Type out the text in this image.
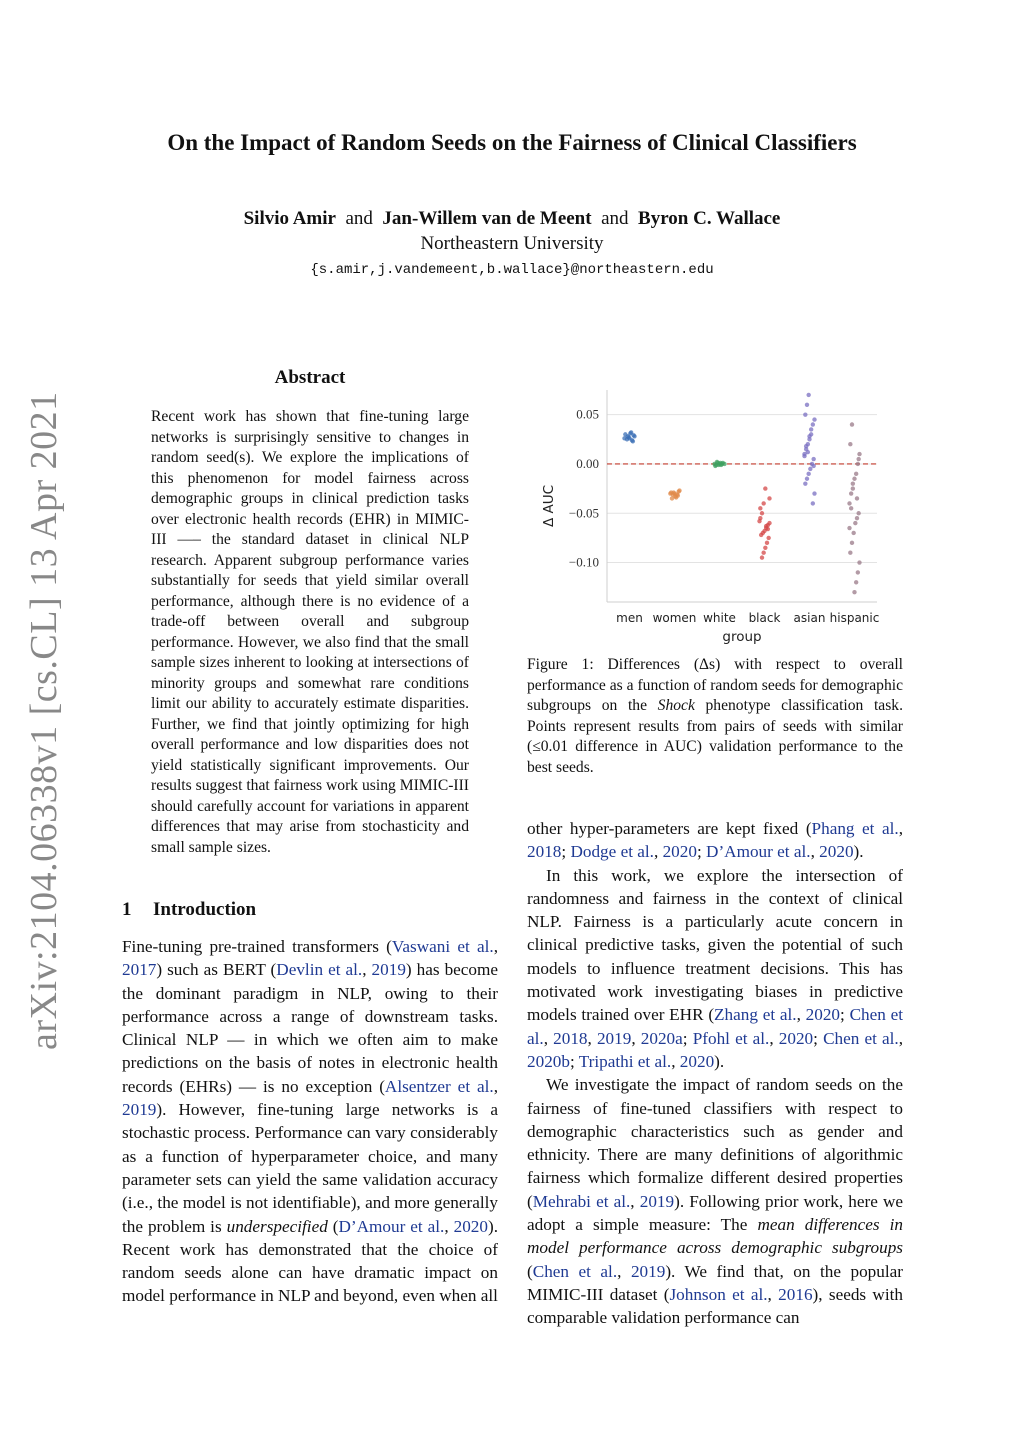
arXiv:2104.06338v1 [cs.CL] 13 Apr 2021
On the Impact of Random Seeds on the Fairness of Clinical Classifiers
Silvio Amir and Jan-Willem van de Meent and Byron C. Wallace
Northeastern University
{s.amir,j.vandemeent,b.wallace}@northeastern.edu
Abstract
Recent work has shown that fine-tuning large networks is surprisingly sensitive to changes in random seed(s). We explore the implications of this phenomenon for model fairness across demographic groups in clinical prediction tasks over electronic health records (EHR) in MIMIC-III —– the standard dataset in clinical NLP research. Apparent subgroup performance varies substantially for seeds that yield similar overall performance, although there is no evidence of a trade-off between overall and subgroup performance. However, we also find that the small sample sizes inherent to looking at intersections of minority groups and somewhat rare conditions limit our ability to accurately estimate disparities. Further, we find that jointly optimizing for high overall performance and low disparities does not yield statistically significant improvements. Our results suggest that fairness work using MIMIC-III should carefully account for variations in apparent differences that may arise from stochasticity and small sample sizes.
1 Introduction

Fine-tuning pre-trained transformers (Vaswani et al., 2017) such as BERT (Devlin et al., 2019) has become the dominant paradigm in NLP, owing to their performance across a range of downstream tasks. Clinical NLP — in which we often aim to make predictions on the basis of notes in electronic health records (EHRs) — is no exception (Alsentzer et al., 2019). However, fine-tuning large networks is a stochastic process. Performance can vary considerably as a function of hyperparameter choice, and many parameter sets can yield the same validation accuracy (i.e., the model is not identifiable), and more generally the problem is underspecified (D’Amour et al., 2020). Recent work has demonstrated that the choice of random seeds alone can have dramatic impact on model performance in NLP and beyond, even when all

0.05
0.00
−0.05
−0.10
men women white black asian hispanic
group
Δ AUC
Figure 1: Differences (Δs) with respect to overall performance as a function of random seeds for demographic subgroups on the Shock phenotype classification task. Points represent results from pairs of seeds with similar (≤0.01 difference in AUC) validation performance to the best seeds.

other hyper-parameters are kept fixed (Phang et al., 2018; Dodge et al., 2020; D’Amour et al., 2020).

In this work, we explore the intersection of randomness and fairness in the context of clinical NLP. Fairness is a particularly acute concern in clinical predictive tasks, given the potential of such models to influence treatment decisions. This has motivated work investigating biases in predictive models trained over EHR (Zhang et al., 2020; Chen et al., 2018, 2019, 2020a; Pfohl et al., 2020; Chen et al., 2020b; Tripathi et al., 2020).

We investigate the impact of random seeds on the fairness of fine-tuned classifiers with respect to demographic characteristics such as gender and ethnicity. There are many definitions of algorithmic fairness which formalize different desired properties (Mehrabi et al., 2019). Following prior work, here we adopt a simple measure: The mean differences in model performance across demographic subgroups (Chen et al., 2019). We find that, on the popular MIMIC-III dataset (Johnson et al., 2016), seeds with comparable validation performance can
